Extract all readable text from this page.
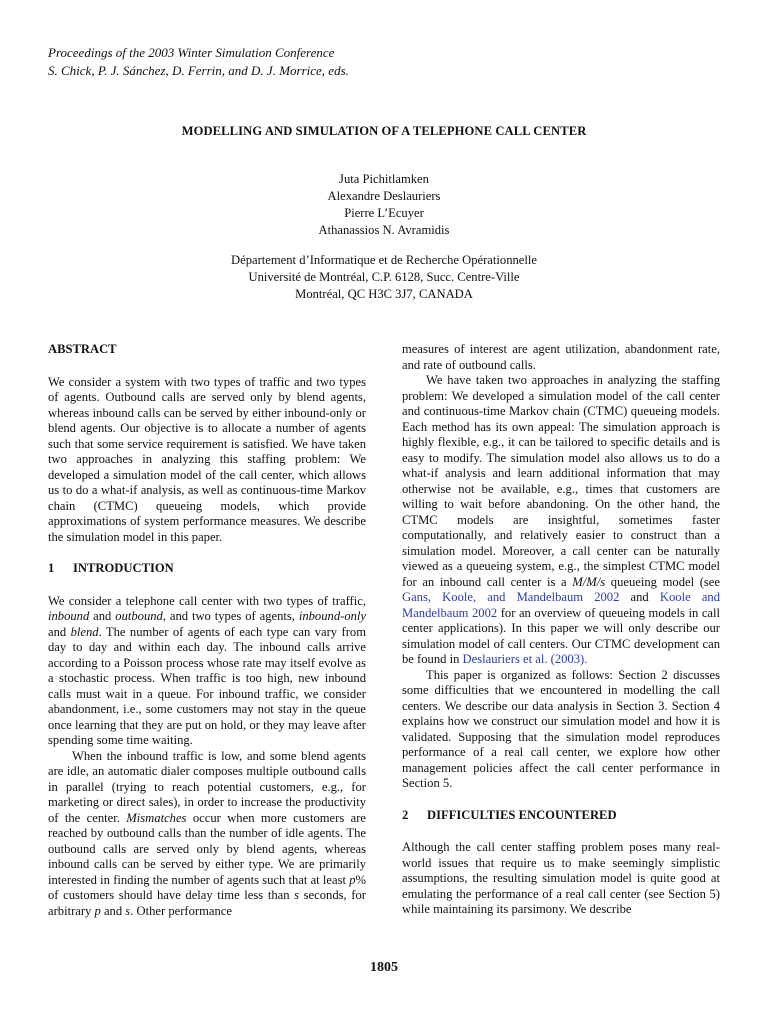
Proceedings of the 2003 Winter Simulation Conference
S. Chick, P. J. Sánchez, D. Ferrin, and D. J. Morrice, eds.
MODELLING AND SIMULATION OF A TELEPHONE CALL CENTER
Juta Pichitlamken
Alexandre Deslauriers
Pierre L’Ecuyer
Athanassios N. Avramidis
Département d’Informatique et de Recherche Opérationnelle
Université de Montréal, C.P. 6128, Succ. Centre-Ville
Montréal, QC H3C 3J7, CANADA
ABSTRACT

We consider a system with two types of traffic and two types of agents. Outbound calls are served only by blend agents, whereas inbound calls can be served by either inbound-only or blend agents. Our objective is to allocate a number of agents such that some service requirement is satisfied. We have taken two approaches in analyzing this staffing problem: We developed a simulation model of the call center, which allows us to do a what-if analysis, as well as continuous-time Markov chain (CTMC) queueing models, which provide approximations of system performance measures. We describe the simulation model in this paper.

1 INTRODUCTION

We consider a telephone call center with two types of traffic, inbound and outbound, and two types of agents, inbound-only and blend. The number of agents of each type can vary from day to day and within each day. The inbound calls arrive according to a Poisson process whose rate may itself evolve as a stochastic process. When traffic is too high, new inbound calls must wait in a queue. For inbound traffic, we consider abandonment, i.e., some customers may not stay in the queue once learning that they are put on hold, or they may leave after spending some time waiting.

When the inbound traffic is low, and some blend agents are idle, an automatic dialer composes multiple outbound calls in parallel (trying to reach potential customers, e.g., for marketing or direct sales), in order to increase the productivity of the center. Mismatches occur when more customers are reached by outbound calls than the number of idle agents. The outbound calls are served only by blend agents, whereas inbound calls can be served by either type. We are primarily interested in finding the number of agents such that at least p% of customers should have delay time less than s seconds, for arbitrary p and s. Other performance

measures of interest are agent utilization, abandonment rate, and rate of outbound calls.

We have taken two approaches in analyzing the staffing problem: We developed a simulation model of the call center and continuous-time Markov chain (CTMC) queueing models. Each method has its own appeal: The simulation approach is highly flexible, e.g., it can be tailored to specific details and is easy to modify. The simulation model also allows us to do a what-if analysis and learn additional information that may otherwise not be available, e.g., times that customers are willing to wait before abandoning. On the other hand, the CTMC models are insightful, sometimes faster computationally, and relatively easier to construct than a simulation model. Moreover, a call center can be naturally viewed as a queueing system, e.g., the simplest CTMC model for an inbound call center is a M/M/s queueing model (see Gans, Koole, and Mandelbaum 2002 and Koole and Mandelbaum 2002 for an overview of queueing models in call center applications). In this paper we will only describe our simulation model of call centers. Our CTMC development can be found in Deslauriers et al. (2003).

This paper is organized as follows: Section 2 discusses some difficulties that we encountered in modelling the call centers. We describe our data analysis in Section 3. Section 4 explains how we construct our simulation model and how it is validated. Supposing that the simulation model reproduces performance of a real call center, we explore how other management policies affect the call center performance in Section 5.

2 DIFFICULTIES ENCOUNTERED

Although the call center staffing problem poses many real-world issues that require us to make seemingly simplistic assumptions, the resulting simulation model is quite good at emulating the performance of a real call center (see Section 5) while maintaining its parsimony. We describe

1805
